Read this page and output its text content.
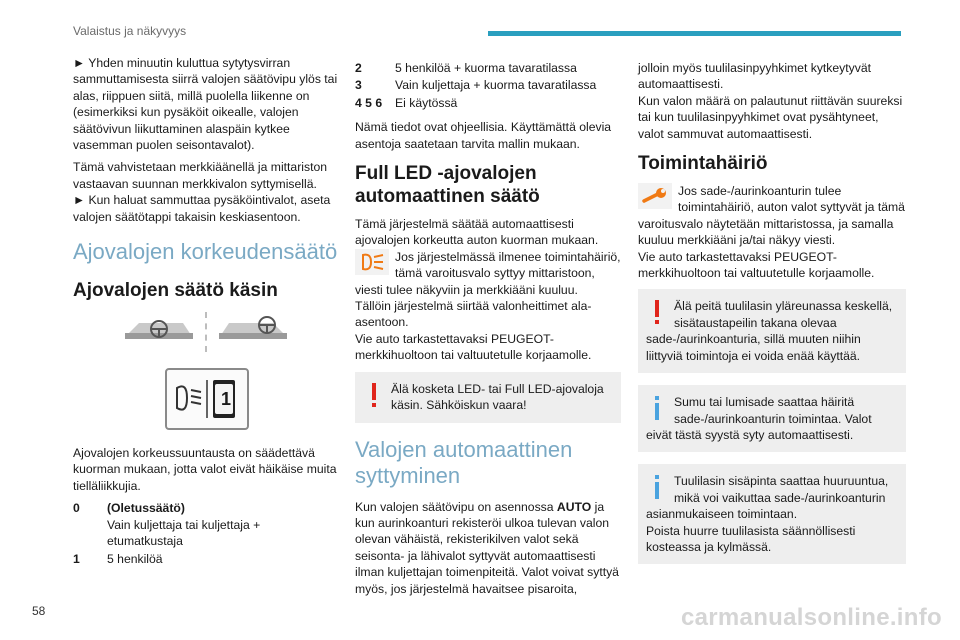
Valaistus ja näkyvyys

► Yhden minuutin kuluttua sytytysvirran sammuttamisesta siirrä valojen säätövipu ylös tai alas, riippuen siitä, millä puolella liikenne on (esimerkiksi kun pysäköit oikealle, valojen säätövivun liikuttaminen alaspäin kytkee vasemman puolen seisontavalot).

Tämä vahvistetaan merkkiäänellä ja mittariston vastaavan suunnan merkkivalon syttymisellä.

► Kun haluat sammuttaa pysäköintivalot, aseta valojen säätötappi takaisin keskiasentoon.

Ajovalojen korkeudensäätö
Ajovalojen säätö käsin
1

Ajovalojen korkeussuuntausta on säädettävä kuorman mukaan, jotta valot eivät häikäise muita tielläliikkujia.

0	(Oletussäätö)
Vain kuljettaja tai kuljettaja + etumatkustaja
1	5 henkilöä
2	5 henkilöä + kuorma tavaratilassa
3	Vain kuljettaja + kuorma tavaratilassa
4 5 6	Ei käytössä

Nämä tiedot ovat ohjeellisia. Käyttämättä olevia asentoja saatetaan tarvita mallin mukaan.

Full LED -ajovalojen automaattinen säätö

Tämä järjestelmä säätää automaattisesti ajovalojen korkeutta auton kuorman mukaan.

Jos järjestelmässä ilmenee toimintahäiriö, tämä varoitusvalo syttyy mittaristoon, viesti tulee näkyviin ja merkkiääni kuuluu.

Tällöin järjestelmä siirtää valonheittimet ala-asentoon.

Vie auto tarkastettavaksi PEUGEOT-merkkihuoltoon tai valtuutetulle korjaamolle.

Älä kosketa LED- tai Full LED-ajovaloja käsin. Sähköiskun vaara!
Valojen automaattinen syttyminen

Kun valojen säätövipu on asennossa AUTO ja kun aurinkoanturi rekisteröi ulkoa tulevan valon olevan vähäistä, rekisterikilven valot sekä seisonta- ja lähivalot syttyvät automaattisesti ilman kuljettajan toimenpiteitä. Valot voivat syttyä myös, jos järjestelmä havaitsee pisaroita,

jolloin myös tuulilasinpyyhkimet kytkeytyvät automaattisesti.

Kun valon määrä on palautunut riittävän suureksi tai kun tuulilasinpyyhkimet ovat pysähtyneet, valot sammuvat automaattisesti.

Toimintahäiriö

Jos sade-/aurinkoanturin tulee toimintahäiriö, auton valot syttyvät ja tämä varoitusvalo näytetään mittaristossa, ja samalla kuuluu merkkiääni ja/tai näkyy viesti.

Vie auto tarkastettavaksi PEUGEOT-merkkihuoltoon tai valtuutetulle korjaamolle.

Älä peitä tuulilasin yläreunassa keskellä, sisätaustapeilin takana olevaa sade-/aurinkoanturia, sillä muuten niihin liittyviä toimintoja ei voida enää käyttää.
Sumu tai lumisade saattaa häiritä sade-/aurinkoanturin toimintaa. Valot eivät tästä syystä syty automaattisesti.
Tuulilasin sisäpinta saattaa huuruuntua, mikä voi vaikuttaa sade-/aurinkoanturin asianmukaiseen toimintaan.
Poista huurre tuulilasista säännöllisesti kosteassa ja kylmässä.
58	carmanualsonline.info
